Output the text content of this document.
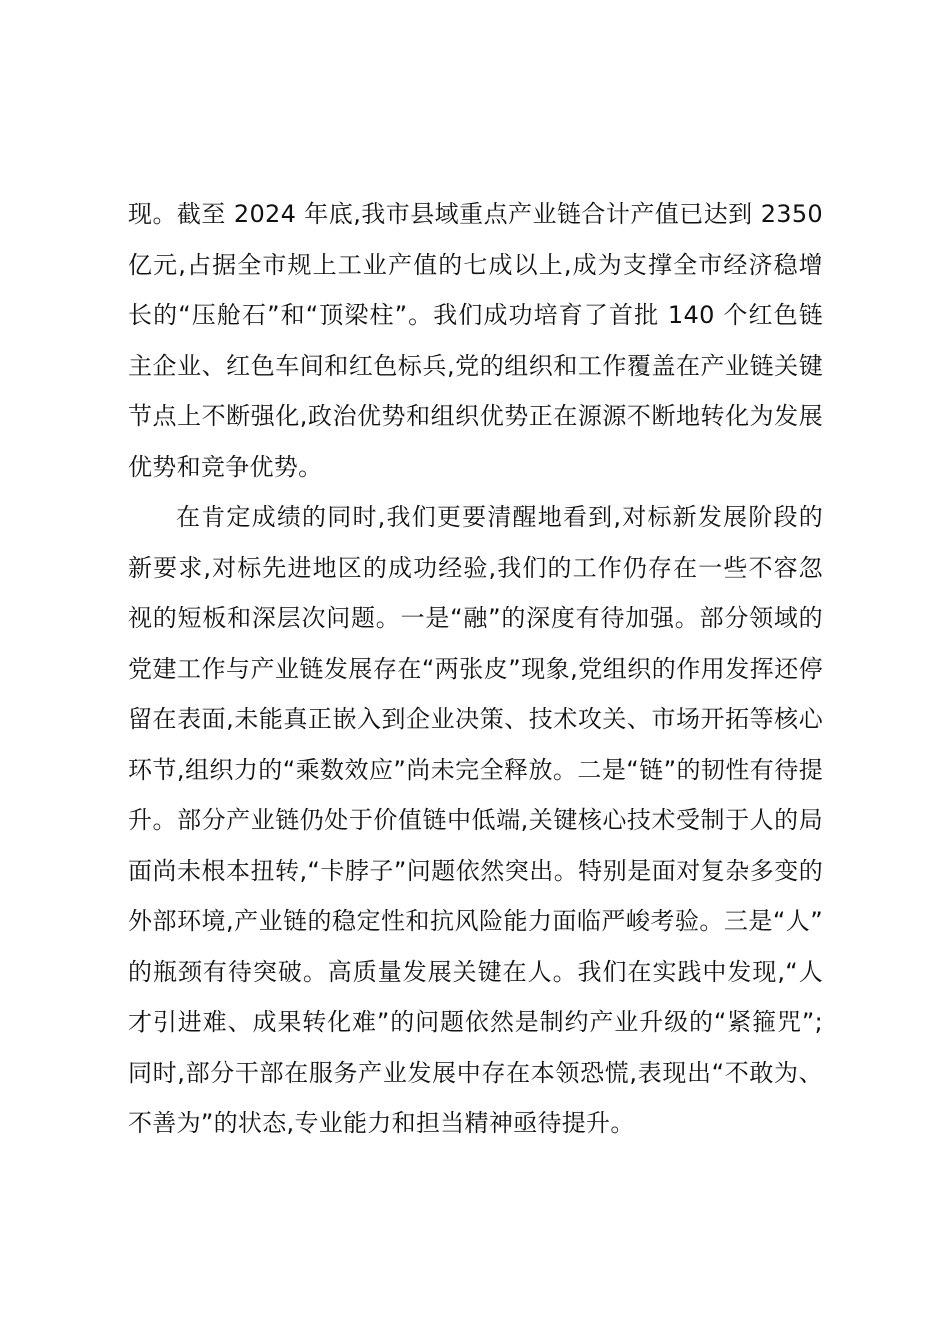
现。截至 2024 年底,我市县域重点产业链合计产值已达到 2350 亿元,占据全市规上工业产值的七成以上,成为支撑全市经济稳增长的“压舱石”和“顶梁柱”。我们成功培育了首批 140 个红色链主企业、红色车间和红色标兵,党的组织和工作覆盖在产业链关键节点上不断强化,政治优势和组织优势正在源源不断地转化为发展优势和竞争优势。

在肯定成绩的同时,我们更要清醒地看到,对标新发展阶段的新要求,对标先进地区的成功经验,我们的工作仍存在一些不容忽视的短板和深层次问题。一是“融”的深度有待加强。部分领域的党建工作与产业链发展存在“两张皮”现象,党组织的作用发挥还停留在表面,未能真正嵌入到企业决策、技术攻关、市场开拓等核心环节,组织力的“乘数效应”尚未完全释放。二是“链”的韧性有待提升。部分产业链仍处于价值链中低端,关键核心技术受制于人的局面尚未根本扭转,“卡脖子”问题依然突出。特别是面对复杂多变的外部环境,产业链的稳定性和抗风险能力面临严峻考验。三是“人”的瓶颈有待突破。高质量发展关键在人。我们在实践中发现,“人才引进难、成果转化难”的问题依然是制约产业升级的“紧箍咒”;同时,部分干部在服务产业发展中存在本领恐慌,表现出“不敢为、不善为”的状态,专业能力和担当精神亟待提升。
